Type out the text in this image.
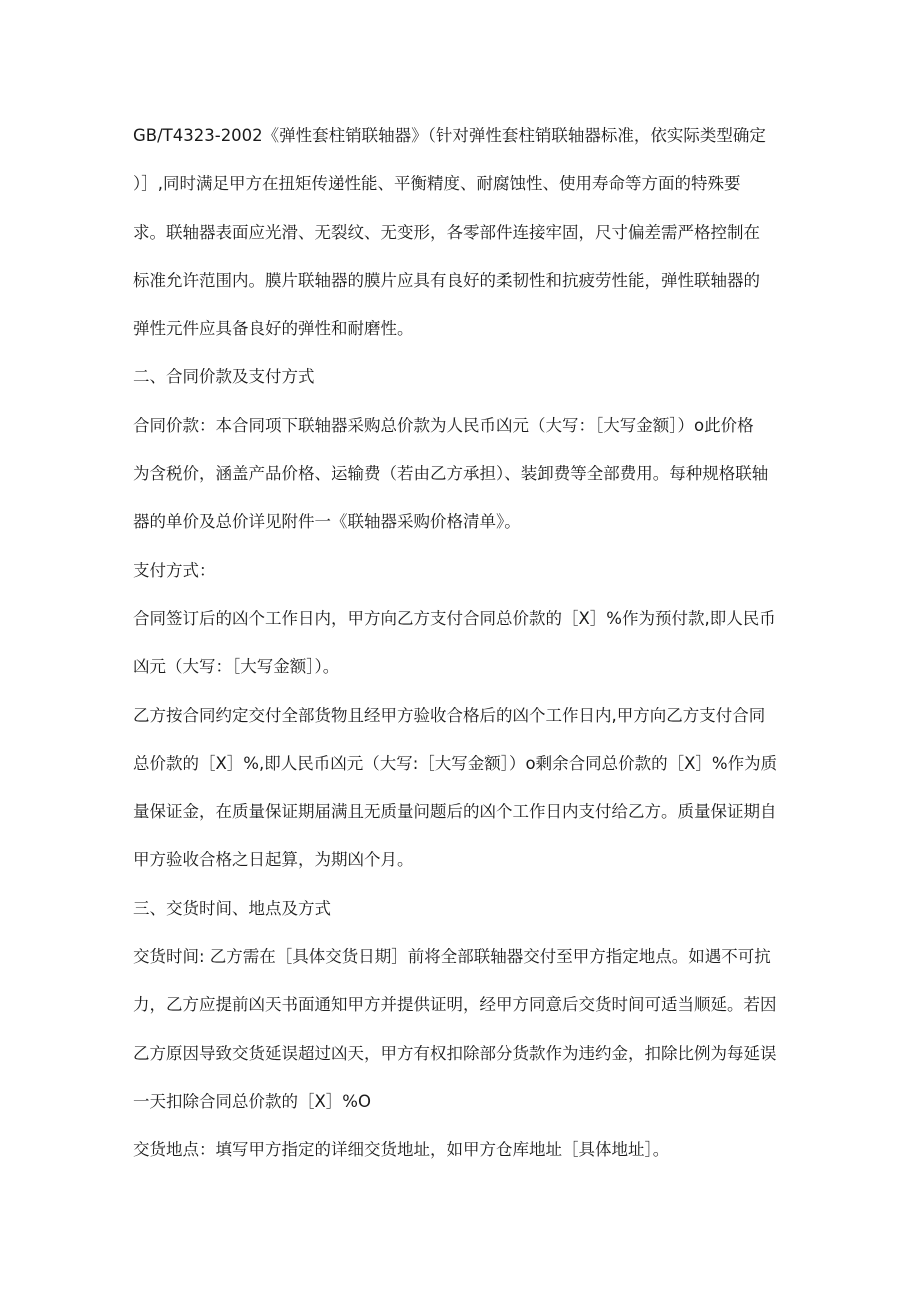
GB/T4323-2002《弹性套柱销联轴器》（针对弹性套柱销联轴器标准，依实际类型确定
）］,同时满足甲方在扭矩传递性能、平衡精度、耐腐蚀性、使用寿命等方面的特殊要
求。联轴器表面应光滑、无裂纹、无变形，各零部件连接牢固，尺寸偏差需严格控制在
标准允许范围内。膜片联轴器的膜片应具有良好的柔韧性和抗疲劳性能，弹性联轴器的
弹性元件应具备良好的弹性和耐磨性。
二、合同价款及支付方式
合同价款：本合同项下联轴器采购总价款为人民币凶元（大写：［大写金额］）o此价格
为含税价，涵盖产品价格、运输费（若由乙方承担）、装卸费等全部费用。每种规格联轴
器的单价及总价详见附件一《联轴器采购价格清单》。
支付方式：
合同签订后的凶个工作日内，甲方向乙方支付合同总价款的［X］%作为预付款,即人民币
凶元（大写：［大写金额］）。
乙方按合同约定交付全部货物且经甲方验收合格后的凶个工作日内,甲方向乙方支付合同
总价款的［X］%,即人民币凶元（大写:［大写金额］）o剩余合同总价款的［X］%作为质
量保证金，在质量保证期届满且无质量问题后的凶个工作日内支付给乙方。质量保证期自
甲方验收合格之日起算，为期凶个月。
三、交货时间、地点及方式
交货时间: 乙方需在［具体交货日期］前将全部联轴器交付至甲方指定地点。如遇不可抗
力，乙方应提前凶天书面通知甲方并提供证明，经甲方同意后交货时间可适当顺延。若因
乙方原因导致交货延误超过凶天，甲方有权扣除部分货款作为违约金，扣除比例为每延误
一天扣除合同总价款的［X］%O
交货地点：填写甲方指定的详细交货地址，如甲方仓库地址［具体地址］。
